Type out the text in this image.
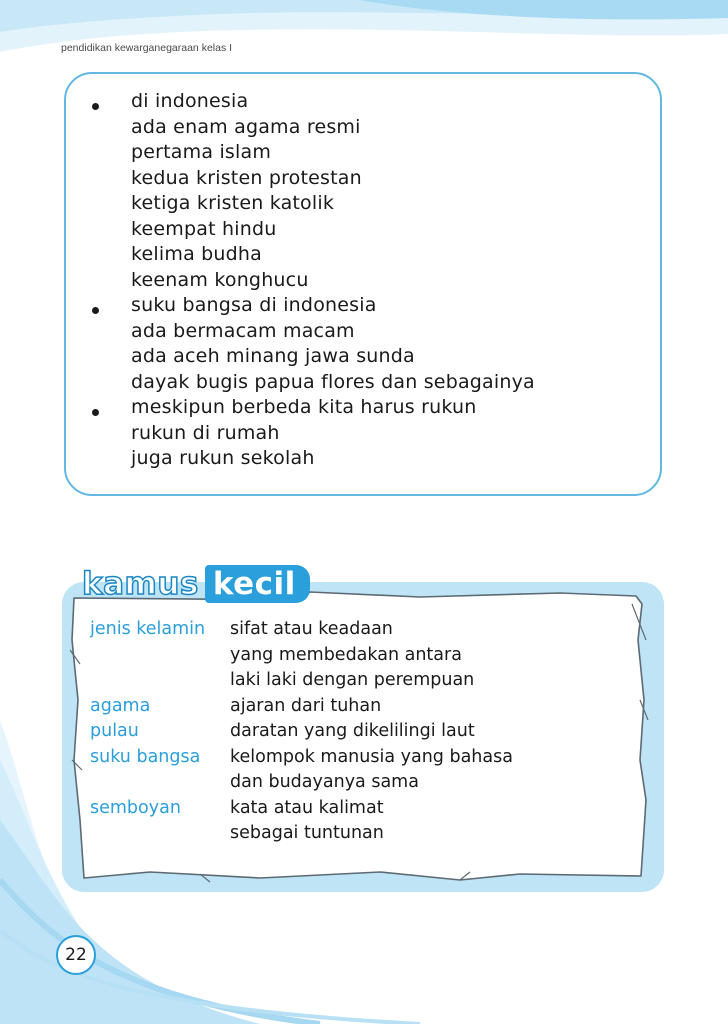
pendidikan kewarganegaraan kelas I
di indonesia
ada enam agama resmi
pertama islam
kedua kristen protestan
ketiga kristen katolik
keempat hindu
kelima budha
keenam konghucu
suku bangsa di indonesia
ada bermacam macam
ada aceh minang jawa sunda
dayak bugis papua flores dan sebagainya
meskipun berbeda kita harus rukun
rukun di rumah
juga rukun sekolah
kamus kecil
jenis kelamin	sifat atau keadaan
yang membedakan antara
laki laki dengan perempuan
agama	ajaran dari tuhan
pulau	daratan yang dikelilingi laut
suku bangsa	kelompok manusia yang bahasa
dan budayanya sama
semboyan	kata atau kalimat
sebagai tuntunan
22
